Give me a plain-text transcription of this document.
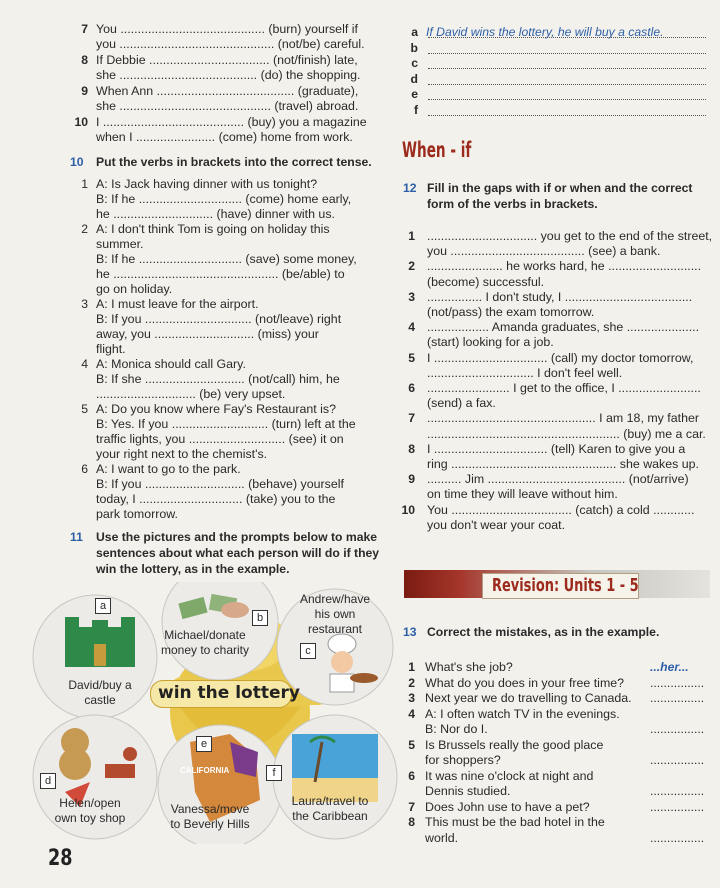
7 You .......................................... (burn) yourself if
you ............................................. (not/be) careful.
8 If Debbie ................................... (not/finish) late,
she ........................................ (do) the shopping.
9 When Ann ........................................ (graduate),
she ............................................ (travel) abroad.
10 I ......................................... (buy) you a magazine
when I ....................... (come) home from work.
10 Put the verbs in brackets into the correct tense.
1 A: Is Jack having dinner with us tonight?
B: If he .............................. (come) home early,
he ............................. (have) dinner with us.
2 A: I don't think Tom is going on holiday this
summer.
B: If he .............................. (save) some money,
he ................................................ (be/able) to
go on holiday.
3 A: I must leave for the airport.
B: If you ............................... (not/leave) right
away, you ............................. (miss) your
flight.
4 A: Monica should call Gary.
B: If she ............................. (not/call) him, he
............................. (be) very upset.
5 A: Do you know where Fay's Restaurant is?
B: Yes. If you ............................ (turn) left at the
traffic lights, you ............................ (see) it on
your right next to the chemist's.
6 A: I want to go to the park.
B: If you ............................. (behave) yourself
today, I .............................. (take) you to the
park tomorrow.
11 Use the pictures and the prompts below to make
sentences about what each person will do if they
win the lottery, as in the example.
a
David/buy a
castle
b
Michael/donate
money to charity	c
Andrew/have
his own
restaurant
d
Helen/open
own toy shop
e
Vanessa/move
to Beverly Hills
f
Laura/travel to
the Caribbean
CALIFORNIA
win the lottery
a If David wins the lottery, he will buy a castle.
b
c
d
e
f
When - if
12 Fill in the gaps with if or when and the correct
form of the verbs in brackets.
1 ................................ you get to the end of the street,
you ....................................... (see) a bank.
2 ...................... he works hard, he ...........................
(become) successful.
3 ................ I don't study, I .....................................
(not/pass) the exam tomorrow.
4 .................. Amanda graduates, she .....................
(start) looking for a job.
5 I ................................. (call) my doctor tomorrow,
............................... I don't feel well.
6 ........................ I get to the office, I ........................
(send) a fax.
7 ................................................. I am 18, my father
........................................................ (buy) me a car.
8 I ................................. (tell) Karen to give you a
ring ................................................ she wakes up.
9 .......... Jim ........................................ (not/arrive)
on time they will leave without him.
10 You ................................... (catch) a cold ............
you don't wear your coat.
Revision: Units 1 - 5
13 Correct the mistakes, as in the example.
1 What's she job?	...her...
2 What do you does in your free time? ................
3 Next year we do travelling to Canada. ................
4 A: I often watch TV in the evenings.
B: Nor do I.	................
5 Is Brussels really the good place
for shoppers?	................
6 It was nine o'clock at night and
Dennis studied.	................
7 Does John use to have a pet?	................
8 This must be the bad hotel in the
world.	................
28
